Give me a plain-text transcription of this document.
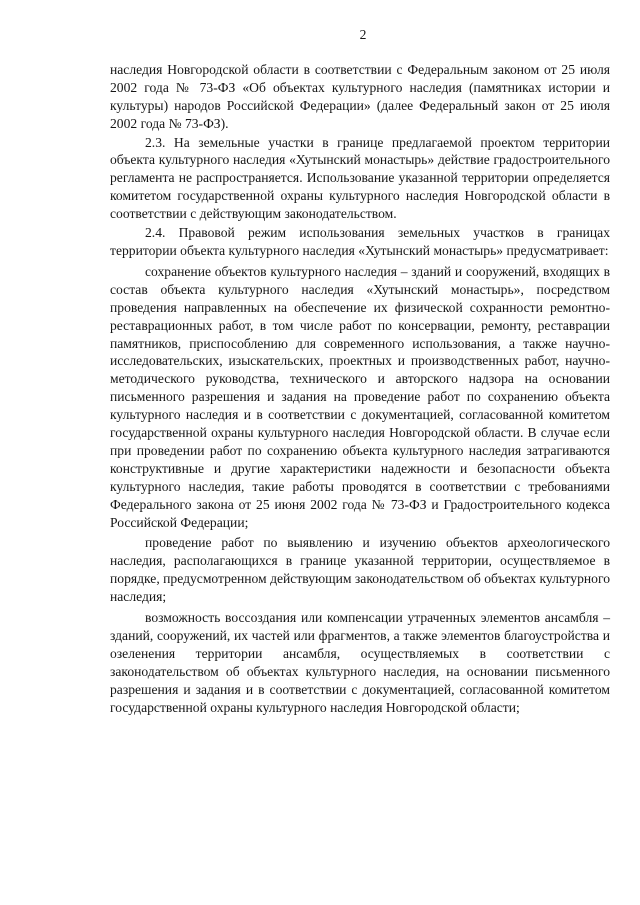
2

наследия Новгородской области в соответствии с Федеральным законом от 25 июля 2002 года № 73-ФЗ «Об объектах культурного наследия (памятниках истории и культуры) народов Российской Федерации» (далее Федеральный закон от 25 июля 2002 года № 73-ФЗ).

2.3. На земельные участки в границе предлагаемой проектом территории объекта культурного наследия «Хутынский монастырь» действие градостроительного регламента не распространяется. Использование указанной территории определяется комитетом государственной охраны культурного наследия Новгородской области в соответствии с действующим законодательством.

2.4. Правовой режим использования земельных участков в границах территории объекта культурного наследия «Хутынский монастырь» предусматривает:

сохранение объектов культурного наследия – зданий и сооружений, входящих в состав объекта культурного наследия «Хутынский монастырь», посредством проведения направленных на обеспечение их физической сохранности ремонтно-реставрационных работ, в том числе работ по консервации, ремонту, реставрации памятников, приспособлению для современного использования, а также научно-исследовательских, изыскательских, проектных и производственных работ, научно-методического руководства, технического и авторского надзора на основании письменного разрешения и задания на проведение работ по сохранению объекта культурного наследия и в соответствии с документацией, согласованной комитетом государственной охраны культурного наследия Новгородской области. В случае если при проведении работ по сохранению объекта культурного наследия затрагиваются конструктивные и другие характеристики надежности и безопасности объекта культурного наследия, такие работы проводятся в соответствии с требованиями Федерального закона от 25 июня 2002 года № 73-ФЗ и Градостроительного кодекса Российской Федерации;

проведение работ по выявлению и изучению объектов археологического наследия, располагающихся в границе указанной территории, осуществляемое в порядке, предусмотренном действующим законодательством об объектах культурного наследия;

возможность воссоздания или компенсации утраченных элементов ансамбля – зданий, сооружений, их частей или фрагментов, а также элементов благоустройства и озеленения территории ансамбля, осуществляемых в соответствии с законодательством об объектах культурного наследия, на основании письменного разрешения и задания и в соответствии с документацией, согласованной комитетом государственной охраны культурного наследия Новгородской области;
